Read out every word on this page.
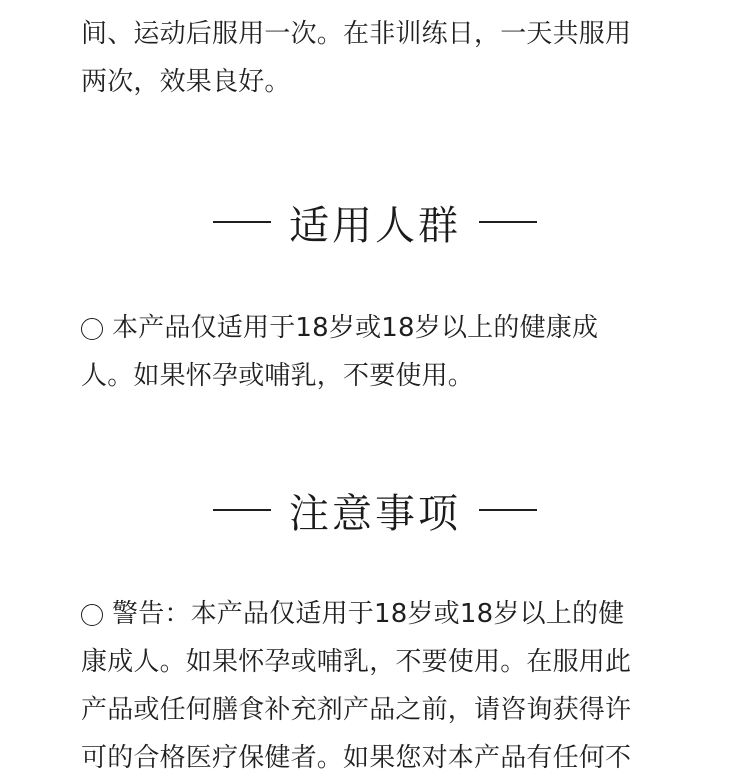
间、运动后服用一次。在非训练日，一天共服用
两次，效果良好。
适用人群
本产品仅适用于18岁或18岁以上的健康成
人。如果怀孕或哺乳，不要使用。
注意事项
警告：本产品仅适用于18岁或18岁以上的健
康成人。如果怀孕或哺乳，不要使用。在服用此
产品或任何膳食补充剂产品之前，请咨询获得许
可的合格医疗保健者。如果您对本产品有任何不
